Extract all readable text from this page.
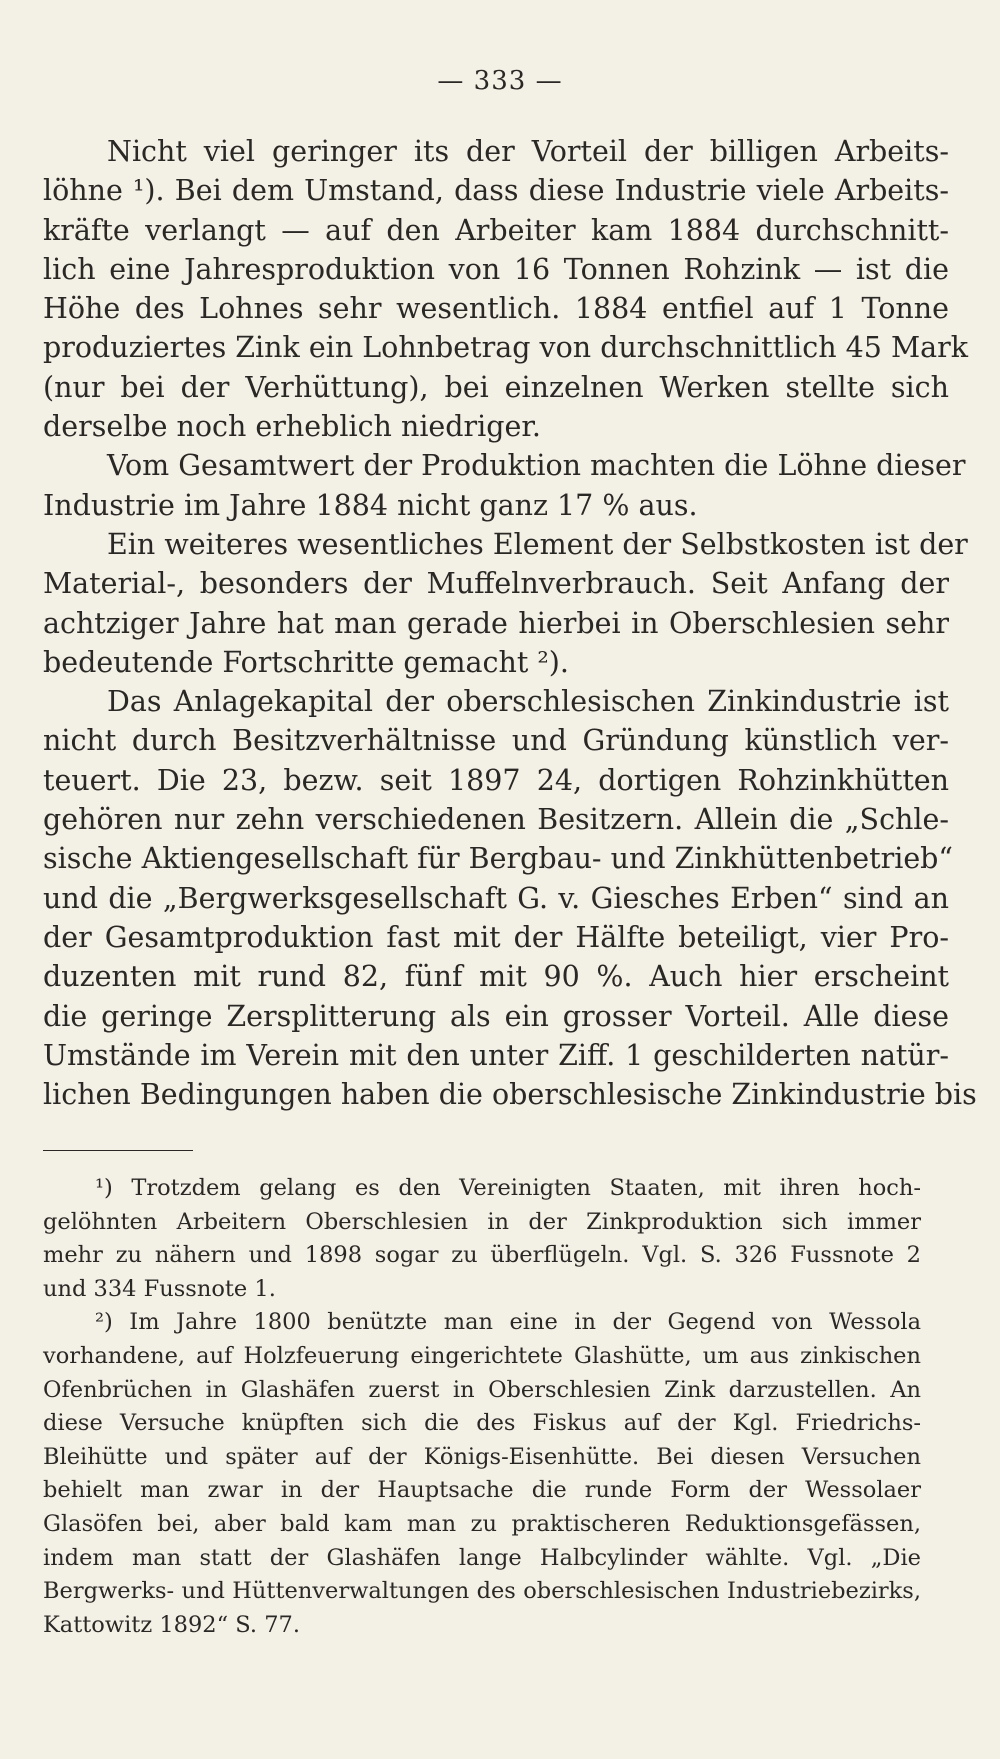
— 333 —

Nicht viel geringer its der Vorteil der billigen Arbeits-
löhne ¹). Bei dem Umstand, dass diese Industrie viele Arbeits-
kräfte verlangt — auf den Arbeiter kam 1884 durchschnitt-
lich eine Jahresproduktion von 16 Tonnen Rohzink — ist die
Höhe des Lohnes sehr wesentlich. 1884 entfiel auf 1 Tonne
produziertes Zink ein Lohnbetrag von durchschnittlich 45 Mark
(nur bei der Verhüttung), bei einzelnen Werken stellte sich
derselbe noch erheblich niedriger.

Vom Gesamtwert der Produktion machten die Löhne dieser
Industrie im Jahre 1884 nicht ganz 17 % aus.

Ein weiteres wesentliches Element der Selbstkosten ist der
Material-, besonders der Muffelnverbrauch. Seit Anfang der
achtziger Jahre hat man gerade hierbei in Oberschlesien sehr
bedeutende Fortschritte gemacht ²).

Das Anlagekapital der oberschlesischen Zinkindustrie ist
nicht durch Besitzverhältnisse und Gründung künstlich ver-
teuert. Die 23, bezw. seit 1897 24, dortigen Rohzinkhütten
gehören nur zehn verschiedenen Besitzern. Allein die „Schle-
sische Aktiengesellschaft für Bergbau- und Zinkhüttenbetrieb“
und die „Bergwerksgesellschaft G. v. Giesches Erben“ sind an
der Gesamtproduktion fast mit der Hälfte beteiligt, vier Pro-
duzenten mit rund 82, fünf mit 90 %. Auch hier erscheint
die geringe Zersplitterung als ein grosser Vorteil. Alle diese
Umstände im Verein mit den unter Ziff. 1 geschilderten natür-
lichen Bedingungen haben die oberschlesische Zinkindustrie bis

¹) Trotzdem gelang es den Vereinigten Staaten, mit ihren hoch-
gelöhnten Arbeitern Oberschlesien in der Zinkproduktion sich immer
mehr zu nähern und 1898 sogar zu überflügeln. Vgl. S. 326 Fussnote 2
und 334 Fussnote 1.

²) Im Jahre 1800 benützte man eine in der Gegend von Wessola
vorhandene, auf Holzfeuerung eingerichtete Glashütte, um aus zinkischen
Ofenbrüchen in Glashäfen zuerst in Oberschlesien Zink darzustellen. An
diese Versuche knüpften sich die des Fiskus auf der Kgl. Friedrichs-
Bleihütte und später auf der Königs-Eisenhütte. Bei diesen Versuchen
behielt man zwar in der Hauptsache die runde Form der Wessolaer
Glasöfen bei, aber bald kam man zu praktischeren Reduktionsgefässen,
indem man statt der Glashäfen lange Halbcylinder wählte. Vgl. „Die
Bergwerks- und Hüttenverwaltungen des oberschlesischen Industriebezirks,
Kattowitz 1892“ S. 77.
